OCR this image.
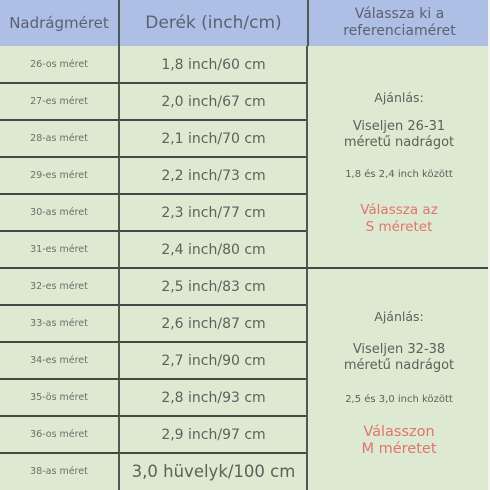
Nadrágméret	Derék (inch/cm)	Válassza ki a
referenciaméret
26-os méret	1,8 inch/60 cm
27-es méret	2,0 inch/67 cm
28-as méret	2,1 inch/70 cm
29-es méret	2,2 inch/73 cm
30-as méret	2,3 inch/77 cm
31-es méret	2,4 inch/80 cm
32-es méret	2,5 inch/83 cm
33-as méret	2,6 inch/87 cm
34-es méret	2,7 inch/90 cm
35-ös méret	2,8 inch/93 cm
36-os méret	2,9 inch/97 cm
38-as méret	3,0 hüvelyk/100 cm
Ajánlás:
Viseljen 26-31
méretű nadrágot
1,8 és 2,4 inch között
Válassza az
S méretet
Ajánlás:
Viseljen 32-38
méretű nadrágot
2,5 és 3,0 inch között
Válasszon
M méretet
